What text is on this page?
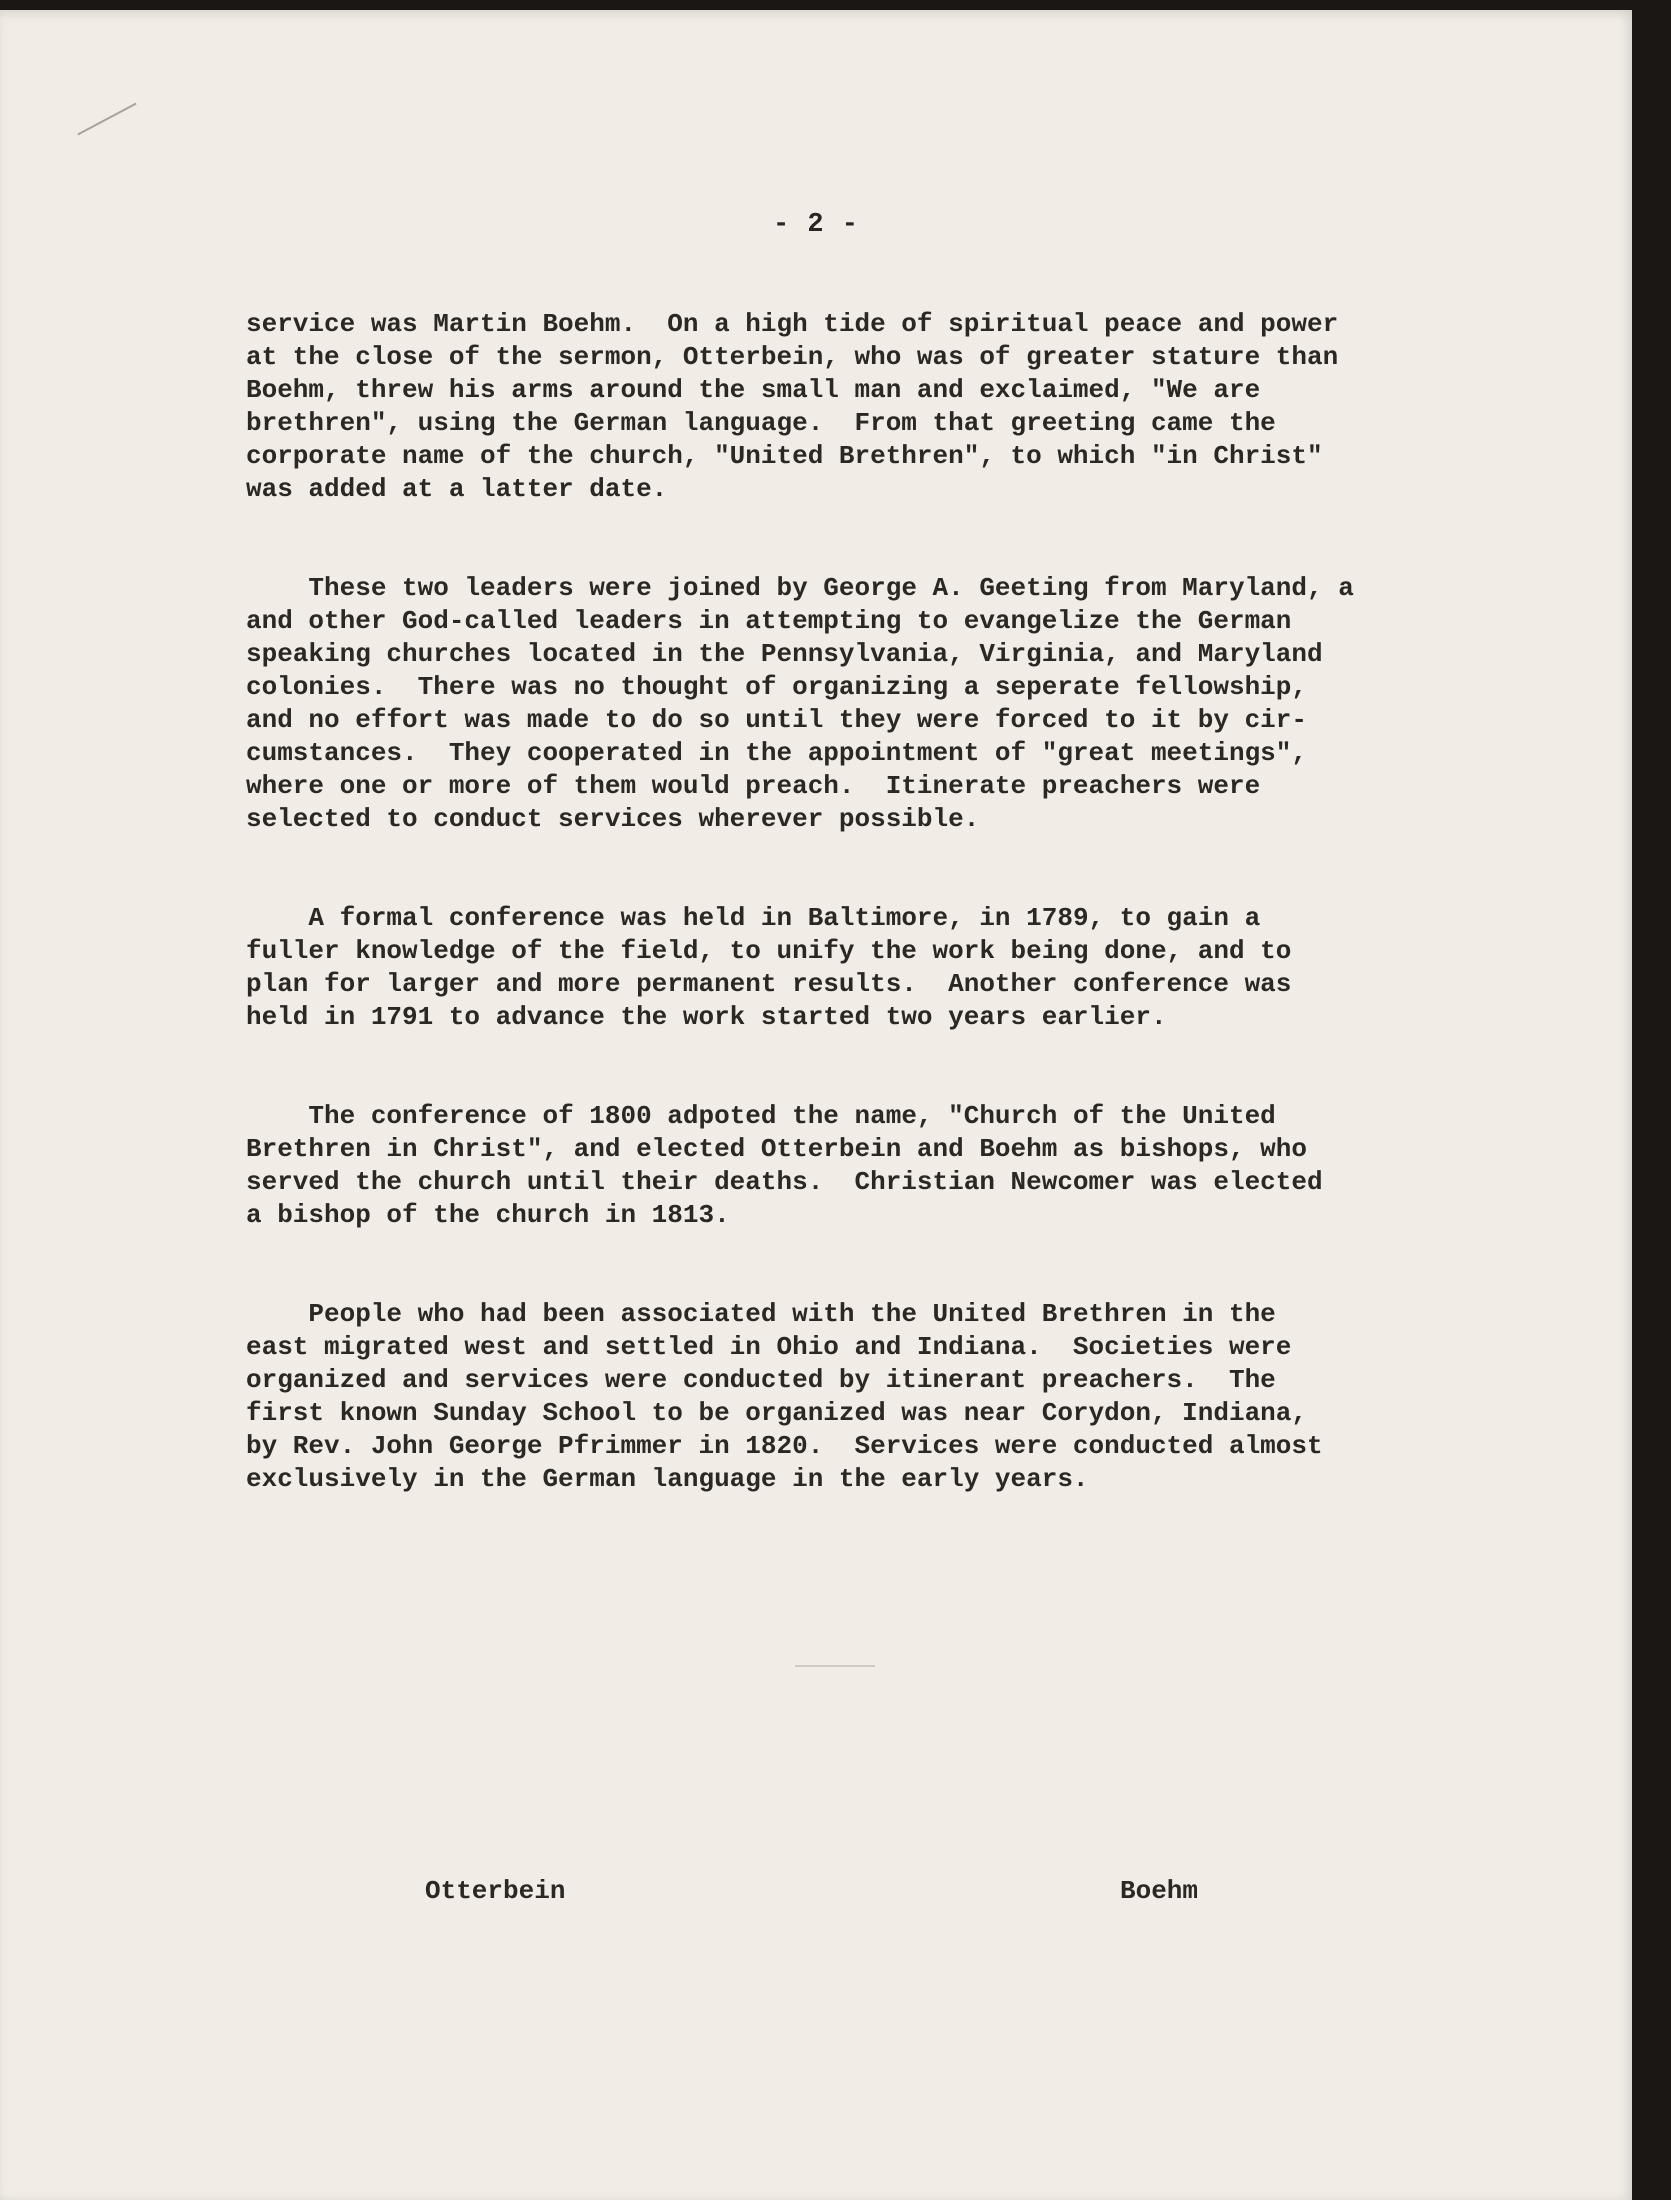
- 2 -

service was Martin Boehm.  On a high tide of spiritual peace and power
at the close of the sermon, Otterbein, who was of greater stature than
Boehm, threw his arms around the small man and exclaimed, "We are
brethren", using the German language.  From that greeting came the
corporate name of the church, "United Brethren", to which "in Christ"
was added at a latter date.

These two leaders were joined by George A. Geeting from Maryland, a
and other God-called leaders in attempting to evangelize the German
speaking churches located in the Pennsylvania, Virginia, and Maryland
colonies.  There was no thought of organizing a seperate fellowship,
and no effort was made to do so until they were forced to it by cir-
cumstances.  They cooperated in the appointment of "great meetings",
where one or more of them would preach.  Itinerate preachers were
selected to conduct services wherever possible.

A formal conference was held in Baltimore, in 1789, to gain a
fuller knowledge of the field, to unify the work being done, and to
plan for larger and more permanent results.  Another conference was
held in 1791 to advance the work started two years earlier.

The conference of 1800 adpoted the name, "Church of the United
Brethren in Christ", and elected Otterbein and Boehm as bishops, who
served the church until their deaths.  Christian Newcomer was elected
a bishop of the church in 1813.

People who had been associated with the United Brethren in the
east migrated west and settled in Ohio and Indiana.  Societies were
organized and services were conducted by itinerant preachers.  The
first known Sunday School to be organized was near Corydon, Indiana,
by Rev. John George Pfrimmer in 1820.  Services were conducted almost
exclusively in the German language in the early years.

Otterbein	Boehm
